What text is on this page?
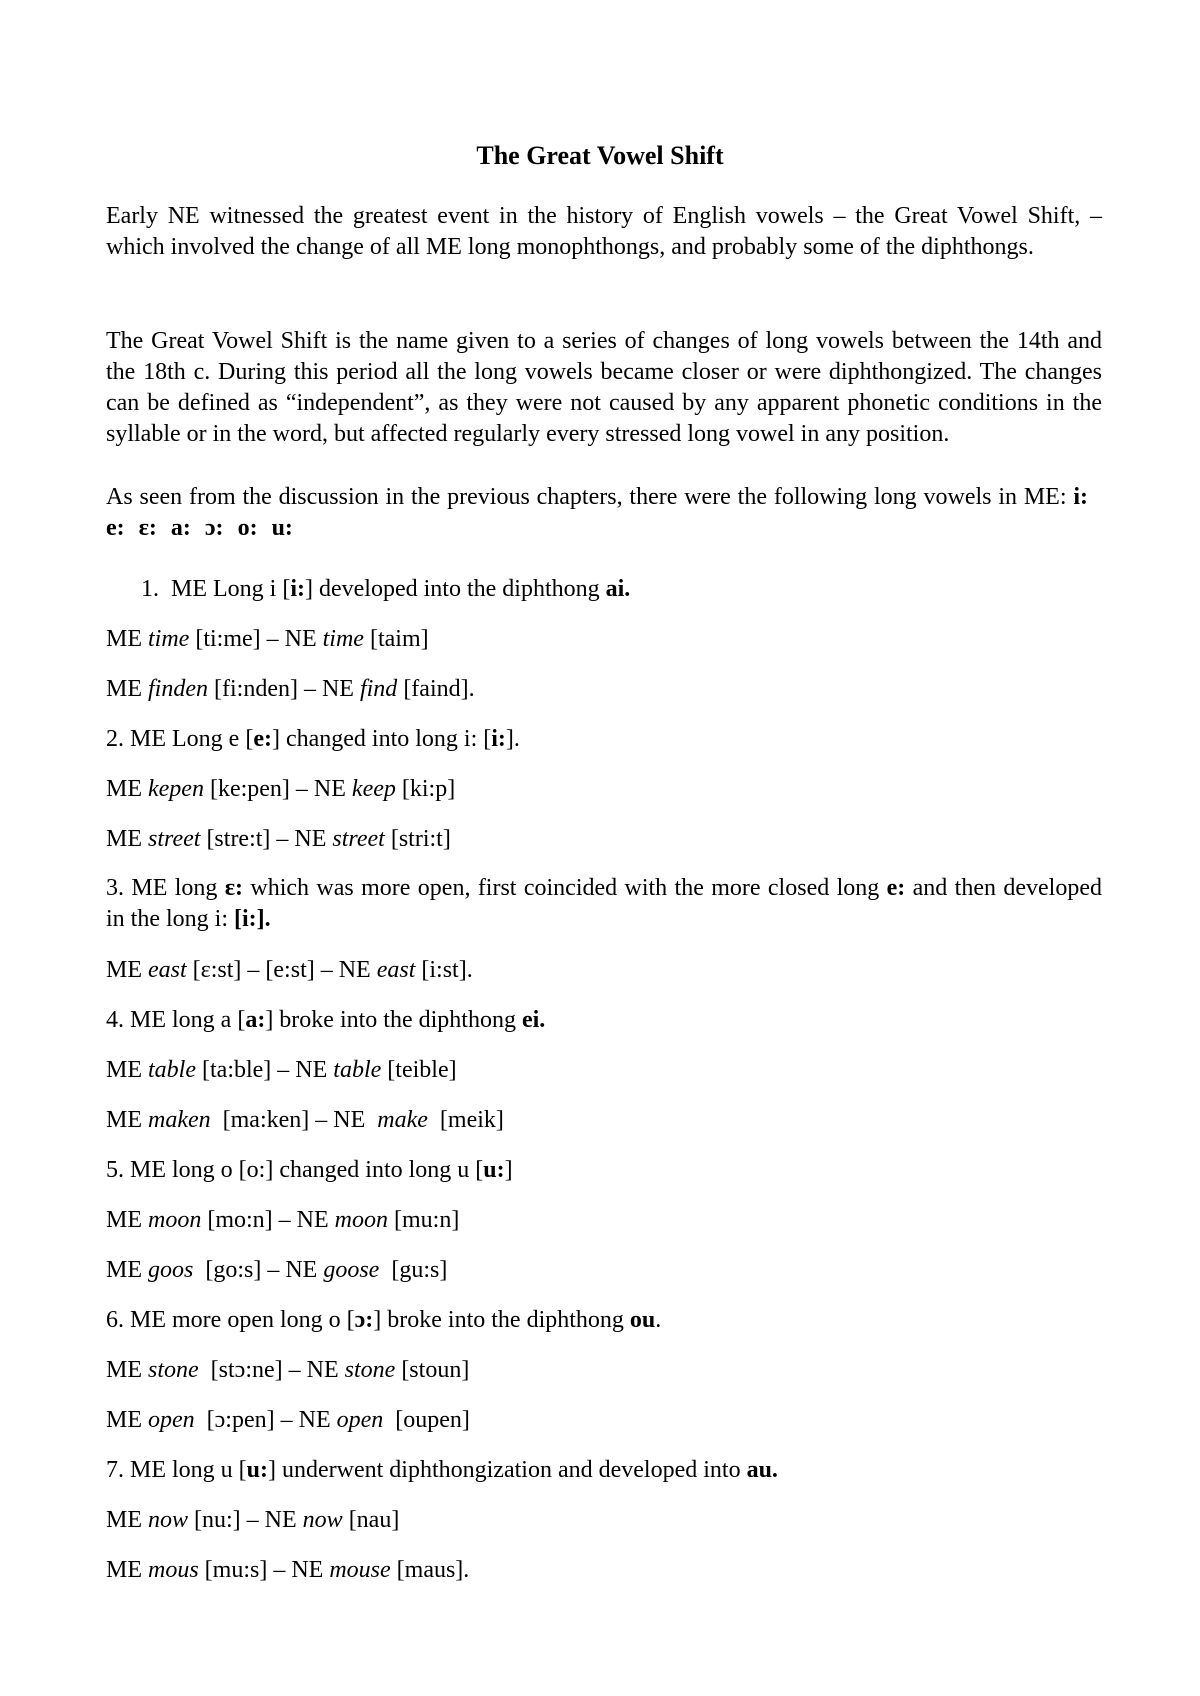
The Great Vowel Shift

Early NE witnessed the greatest event in the history of English vowels – the Great Vowel Shift, – which involved the change of all ME long monophthongs, and probably some of the diphthongs.

The Great Vowel Shift is the name given to a series of changes of long vowels between the 14th and the 18th c. During this period all the long vowels became closer or were diphthongized. The changes can be defined as “independent”, as they were not caused by any apparent phonetic conditions in the syllable or in the word, but affected regularly every stressed long vowel in any position.

As seen from the discussion in the previous chapters, there were the following long vowels in ME: i:e: ɛ: a: ɔ: o: u:

1. ME Long i [i:] developed into the diphthong ai.
ME time [ti:me] – NE time [taim]
ME finden [fi:nden] – NE find [faind].
2. ME Long e [e:] changed into long i: [i:].
ME kepen [ke:pen] – NE keep [ki:p]
ME street [stre:t] – NE street [stri:t]
3. ME long ɛ: which was more open, first coincided with the more closed long e: and then developed in the long i: [i:].
ME east [ɛ:st] – [e:st] – NE east [i:st].
4. ME long a [a:] broke into the diphthong ei.
ME table [ta:ble] – NE table [teible]
ME maken  [ma:ken] – NE  make  [meik]
5. ME long o [o:] changed into long u [u:]
ME moon [mo:n] – NE moon [mu:n]
ME goos  [go:s] – NE goose  [gu:s]
6. ME more open long o [ɔ:] broke into the diphthong ou.
ME stone  [stɔ:ne] – NE stone [stoun]
ME open  [ɔ:pen] – NE open  [oupen]
7. ME long u [u:] underwent diphthongization and developed into au.
ME now [nu:] – NE now [nau]
ME mous [mu:s] – NE mouse [maus].
